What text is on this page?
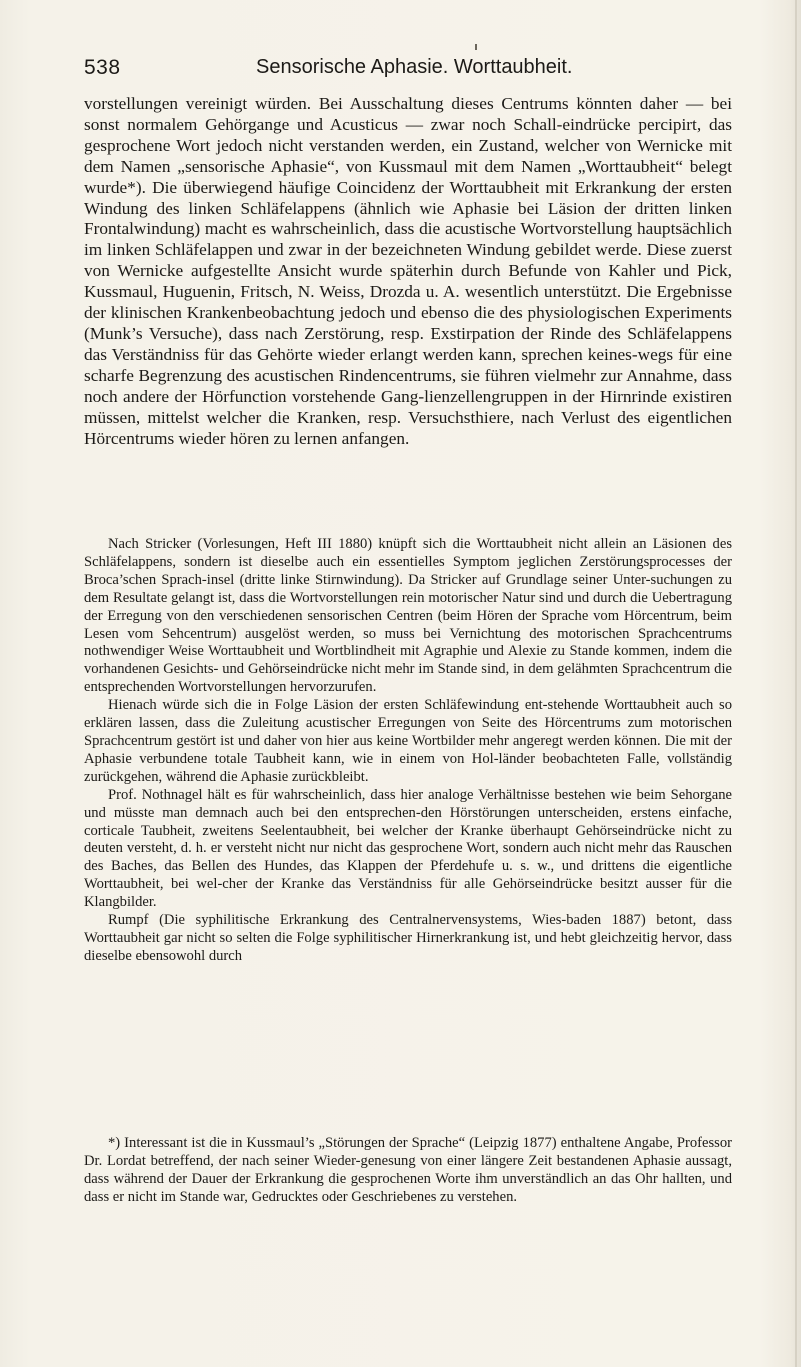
538	Sensorische Aphasie. Worttaubheit.

vorstellungen vereinigt würden. Bei Ausschaltung dieses Centrums könnten daher — bei sonst normalem Gehörgange und Acusticus — zwar noch Schall-eindrücke percipirt, das gesprochene Wort jedoch nicht verstanden werden, ein Zustand, welcher von Wernicke mit dem Namen „sensorische Aphasie“, von Kussmaul mit dem Namen „Worttaubheit“ belegt wurde*). Die überwiegend häufige Coincidenz der Worttaubheit mit Erkrankung der ersten Windung des linken Schläfelappens (ähnlich wie Aphasie bei Läsion der dritten linken Frontalwindung) macht es wahrscheinlich, dass die acustische Wortvorstellung hauptsächlich im linken Schläfelappen und zwar in der bezeichneten Windung gebildet werde. Diese zuerst von Wernicke aufgestellte Ansicht wurde späterhin durch Befunde von Kahler und Pick, Kussmaul, Huguenin, Fritsch, N. Weiss, Drozda u. A. wesentlich unterstützt. Die Ergebnisse der klinischen Krankenbeobachtung jedoch und ebenso die des physiologischen Experiments (Munk’s Versuche), dass nach Zerstörung, resp. Exstirpation der Rinde des Schläfelappens das Verständniss für das Gehörte wieder erlangt werden kann, sprechen keines-wegs für eine scharfe Begrenzung des acustischen Rindencentrums, sie führen vielmehr zur Annahme, dass noch andere der Hörfunction vorstehende Gang-lienzellengruppen in der Hirnrinde existiren müssen, mittelst welcher die Kranken, resp. Versuchsthiere, nach Verlust des eigentlichen Hörcentrums wieder hören zu lernen anfangen.

Nach Stricker (Vorlesungen, Heft III 1880) knüpft sich die Worttaubheit nicht allein an Läsionen des Schläfelappens, sondern ist dieselbe auch ein essentielles Symptom jeglichen Zerstörungsprocesses der Broca’schen Sprach-insel (dritte linke Stirnwindung). Da Stricker auf Grundlage seiner Unter-suchungen zu dem Resultate gelangt ist, dass die Wortvorstellungen rein motorischer Natur sind und durch die Uebertragung der Erregung von den verschiedenen sensorischen Centren (beim Hören der Sprache vom Hörcentrum, beim Lesen vom Sehcentrum) ausgelöst werden, so muss bei Vernichtung des motorischen Sprachcentrums nothwendiger Weise Worttaubheit und Wortblindheit mit Agraphie und Alexie zu Stande kommen, indem die vorhandenen Gesichts- und Gehörseindrücke nicht mehr im Stande sind, in dem gelähmten Sprachcentrum die entsprechenden Wortvorstellungen hervorzurufen.

Hienach würde sich die in Folge Läsion der ersten Schläfewindung ent-stehende Worttaubheit auch so erklären lassen, dass die Zuleitung acustischer Erregungen von Seite des Hörcentrums zum motorischen Sprachcentrum gestört ist und daher von hier aus keine Wortbilder mehr angeregt werden können. Die mit der Aphasie verbundene totale Taubheit kann, wie in einem von Hol-länder beobachteten Falle, vollständig zurückgehen, während die Aphasie zurückbleibt.

Prof. Nothnagel hält es für wahrscheinlich, dass hier analoge Verhältnisse bestehen wie beim Sehorgane und müsste man demnach auch bei den entsprechen-den Hörstörungen unterscheiden, erstens einfache, corticale Taubheit, zweitens Seelentaubheit, bei welcher der Kranke überhaupt Gehörseindrücke nicht zu deuten versteht, d. h. er versteht nicht nur nicht das gesprochene Wort, sondern auch nicht mehr das Rauschen des Baches, das Bellen des Hundes, das Klappen der Pferdehufe u. s. w., und drittens die eigentliche Worttaubheit, bei wel-cher der Kranke das Verständniss für alle Gehörseindrücke besitzt ausser für die Klangbilder.

Rumpf (Die syphilitische Erkrankung des Centralnervensystems, Wies-baden 1887) betont, dass Worttaubheit gar nicht so selten die Folge syphilitischer Hirnerkrankung ist, und hebt gleichzeitig hervor, dass dieselbe ebensowohl durch

*) Interessant ist die in Kussmaul’s „Störungen der Sprache“ (Leipzig 1877) enthaltene Angabe, Professor Dr. Lordat betreffend, der nach seiner Wieder-genesung von einer längere Zeit bestandenen Aphasie aussagt, dass während der Dauer der Erkrankung die gesprochenen Worte ihm unverständlich an das Ohr hallten, und dass er nicht im Stande war, Gedrucktes oder Geschriebenes zu verstehen.
